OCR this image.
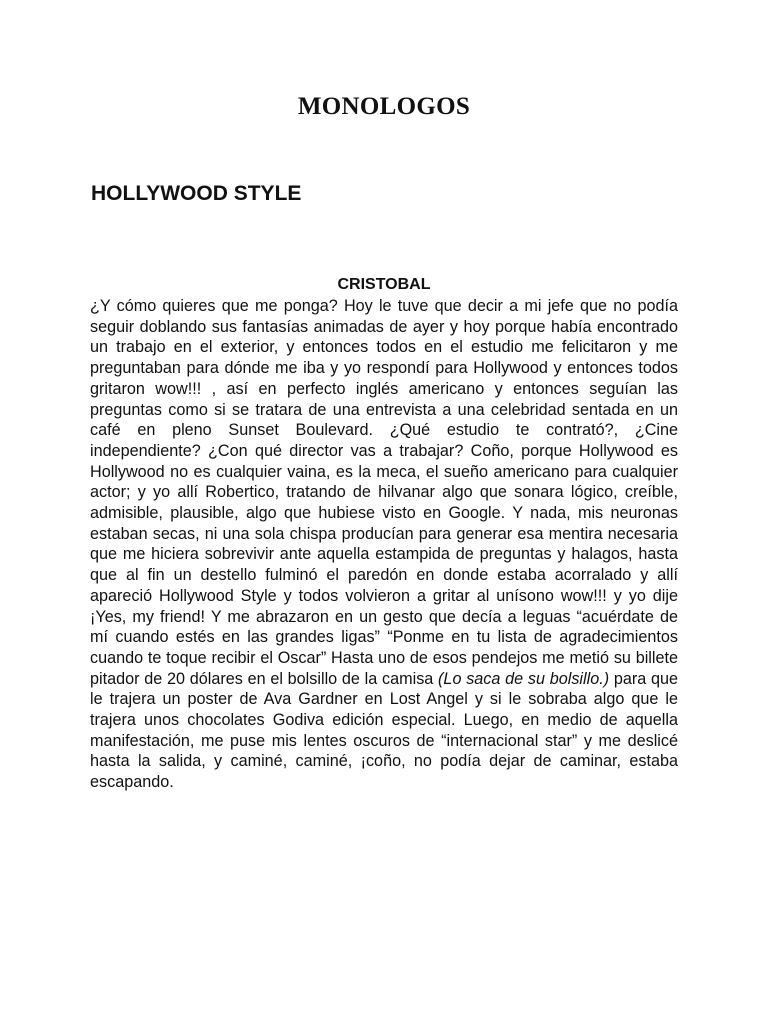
MONOLOGOS
HOLLYWOOD STYLE
CRISTOBAL

¿Y cómo quieres que me ponga? Hoy le tuve que decir a mi jefe que no podía seguir doblando sus fantasías animadas de ayer y hoy porque había encontrado un trabajo en el exterior, y entonces todos en el estudio me felicitaron y me preguntaban para dónde me iba y yo respondí para Hollywood y entonces todos gritaron wow!!! , así en perfecto inglés americano y entonces seguían las preguntas como si se tratara de una entrevista a una celebridad sentada en un café en pleno Sunset Boulevard. ¿Qué estudio te contrató?, ¿Cine independiente? ¿Con qué director vas a trabajar? Coño, porque Hollywood es Hollywood no es cualquier vaina, es la meca, el sueño americano para cualquier actor; y yo allí Robertico, tratando de hilvanar algo que sonara lógico, creíble, admisible, plausible, algo que hubiese visto en Google. Y nada, mis neuronas estaban secas, ni una sola chispa producían para generar esa mentira necesaria que me hiciera sobrevivir ante aquella estampida de preguntas y halagos, hasta que al fin un destello fulminó el paredón en donde estaba acorralado y allí apareció Hollywood Style y todos volvieron a gritar al unísono wow!!! y yo dije ¡Yes, my friend! Y me abrazaron en un gesto que decía a leguas “acuérdate de mí cuando estés en las grandes ligas” “Ponme en tu lista de agradecimientos cuando te toque recibir el Oscar” Hasta uno de esos pendejos me metió su billete pitador de 20 dólares en el bolsillo de la camisa (Lo saca de su bolsillo.) para que le trajera un poster de Ava Gardner en Lost Angel y si le sobraba algo que le trajera unos chocolates Godiva edición especial. Luego, en medio de aquella manifestación, me puse mis lentes oscuros de “internacional star” y me deslicé hasta la salida, y caminé, caminé, ¡coño, no podía dejar de caminar, estaba escapando.
